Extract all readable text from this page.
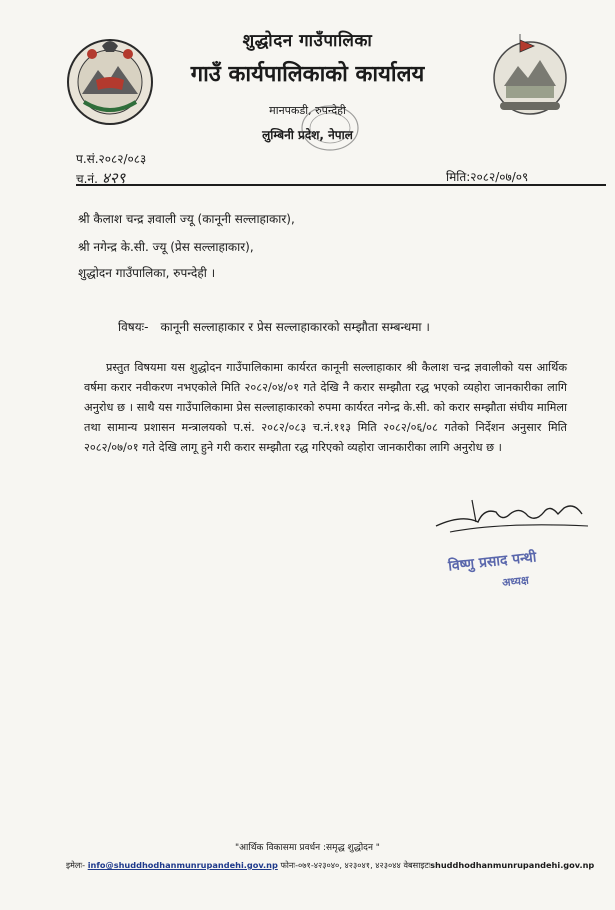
शुद्धोदन गाउँपालिका
गाउँ कार्यपालिकाको कार्यालय
मानपकडी, रुपन्देही
लुम्बिनी प्रदेश, नेपाल
प.सं.२०८२/०८३
च.नं. ४२९	मिति:२०८२/०७/०९
श्री कैलाश चन्द्र ज्ञवाली ज्यू (कानूनी सल्लाहाकार),
श्री नगेन्द्र के.सी. ज्यू (प्रेस सल्लाहाकार),
शुद्धोदन गाउँपालिका, रुपन्देही ।
विषयः- कानूनी सल्लाहाकार र प्रेस सल्लाहाकारको सम्झौता सम्बन्धमा ।
प्रस्तुत विषयमा यस शुद्धोदन गाउँपालिकामा कार्यरत कानूनी सल्लाहाकार श्री कैलाश चन्द्र ज्ञवालीको यस आर्थिक वर्षमा करार नवीकरण नभएकोले मिति २०८२/०४/०१ गते देखि नै करार सम्झौता रद्ध भएको व्यहोरा जानकारीका लागि अनुरोध छ । साथै यस गाउँपालिकामा प्रेस सल्लाहाकारको रुपमा कार्यरत नगेन्द्र के.सी. को करार सम्झौता संघीय मामिला तथा सामान्य प्रशासन मन्त्रालयको प.सं. २०८२/०८३ च.नं.११३ मिति २०८२/०६/०८ गतेको निर्देशन अनुसार मिति २०८२/०७/०१ गते देखि लागू हुने गरी करार सम्झौता रद्ध गरिएको व्यहोरा जानकारीका लागि अनुरोध छ ।
विष्णु प्रसाद पन्थी
अध्यक्ष
"आर्थिक विकासमा प्रवर्धन :समृद्ध शुद्धोदन "
इमेलः- info@shuddhodhanmunrupandehi.gov.np फोनः-०७१-४२३०४०, ४२३०४१, ४२३०४४ वेबसाइटःshuddhodhanmunrupandehi.gov.np
